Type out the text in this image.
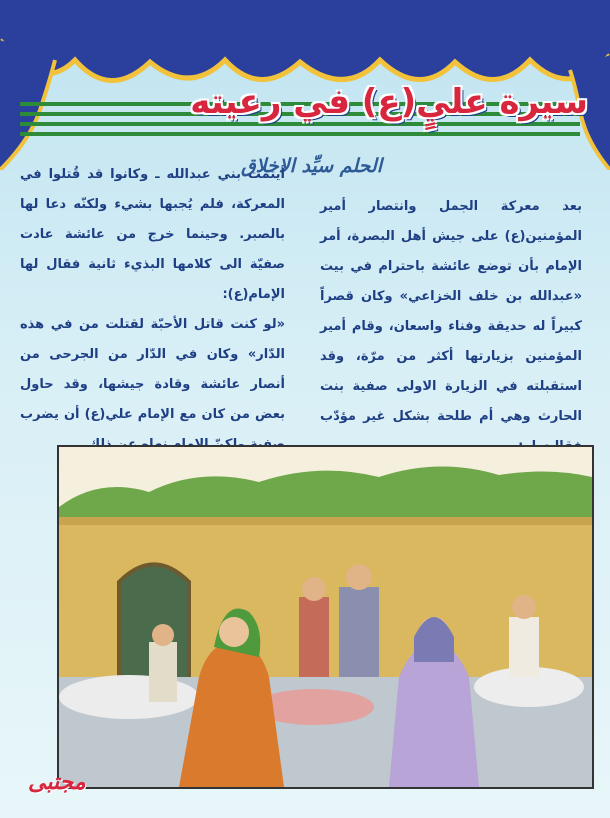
سيرة عليٍ(ع) في رعيته
الحلم سيِّد الاخلاق

بعد معركة الجمل وانتصار أمير المؤمنين(ع) على جيش أهل البصرة، أمر الإمام بأن توضع عائشة باحترام في بيت «عبدالله بن خلف الخزاعي» وكان قصراً كبيراً له حديقة وفناء واسعان، وقام أمير المؤمنين بزيارتها أكثر من مرّة، وقد استقبلته في الزيارة الاولى صفية بنت الحارث وهي أم طلحة بشكل غير مؤدّب

أيتمت بني عبدالله ـ وكانوا قد قُتلوا في المعركة، فلم يُجبها بشيء ولكنّه دعا لها بالصبر. وحينما خرج من عائشة عادت صفيّة الى كلامها البذيء ثانية فقال لها الإمام(ع):

«لو كنت قاتل الأحبّة لقتلت من في هذه الدّار» وكان في الدّار من الجرحى من أنصار عائشة وقادة جيشها، وقد حاول بعض من كان مع الإمام علي(ع) أن يضرب

مجتبى
